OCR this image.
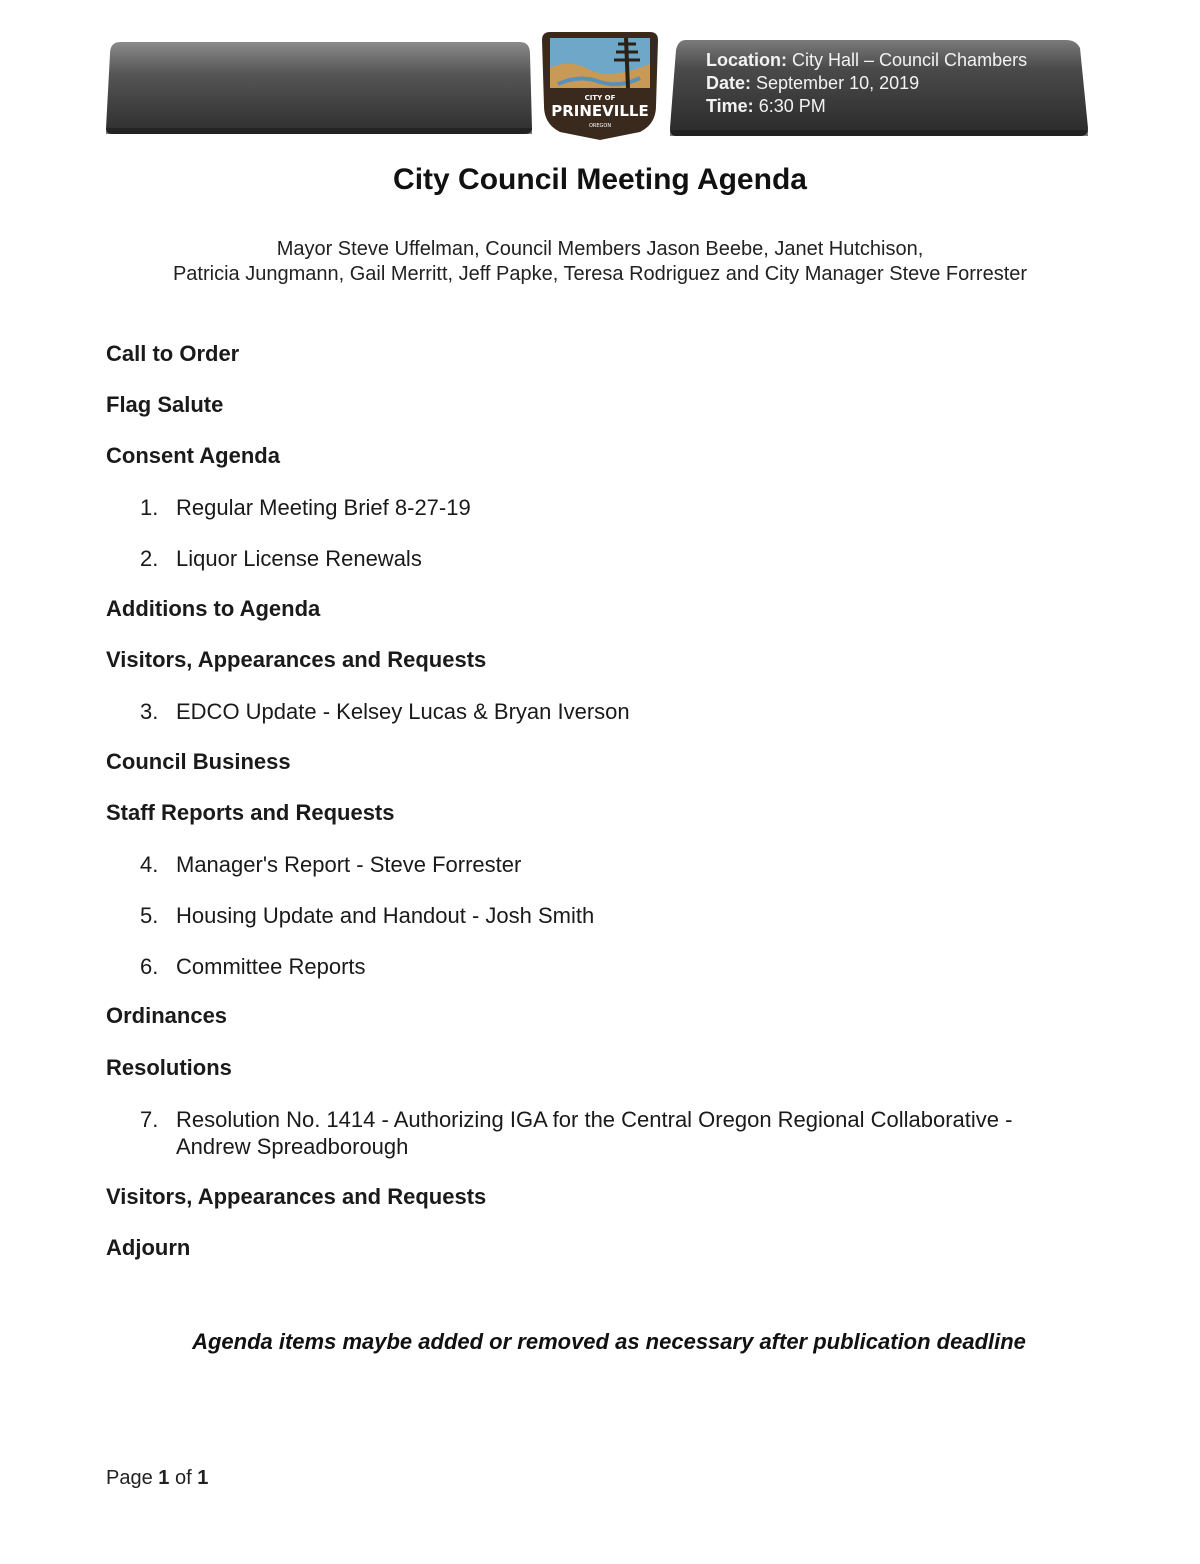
CITY OF
PRINEVILLE
OREGON
Location: City Hall – Council Chambers
Date: September 10, 2019
Time: 6:30 PM
City Council Meeting Agenda
Mayor Steve Uffelman, Council Members Jason Beebe, Janet Hutchison,
Patricia Jungmann, Gail Merritt, Jeff Papke, Teresa Rodriguez and City Manager Steve Forrester
Call to Order
Flag Salute
Consent Agenda
1. Regular Meeting Brief 8-27-19
2. Liquor License Renewals
Additions to Agenda
Visitors, Appearances and Requests
3. EDCO Update - Kelsey Lucas & Bryan Iverson
Council Business
Staff Reports and Requests
4. Manager's Report - Steve Forrester
5. Housing Update and Handout - Josh Smith
6. Committee Reports
Ordinances
Resolutions
7. Resolution No. 1414 - Authorizing IGA for the Central Oregon Regional Collaborative -
Andrew Spreadborough
Visitors, Appearances and Requests
Adjourn
Agenda items maybe added or removed as necessary after publication deadline
Page 1 of 1
